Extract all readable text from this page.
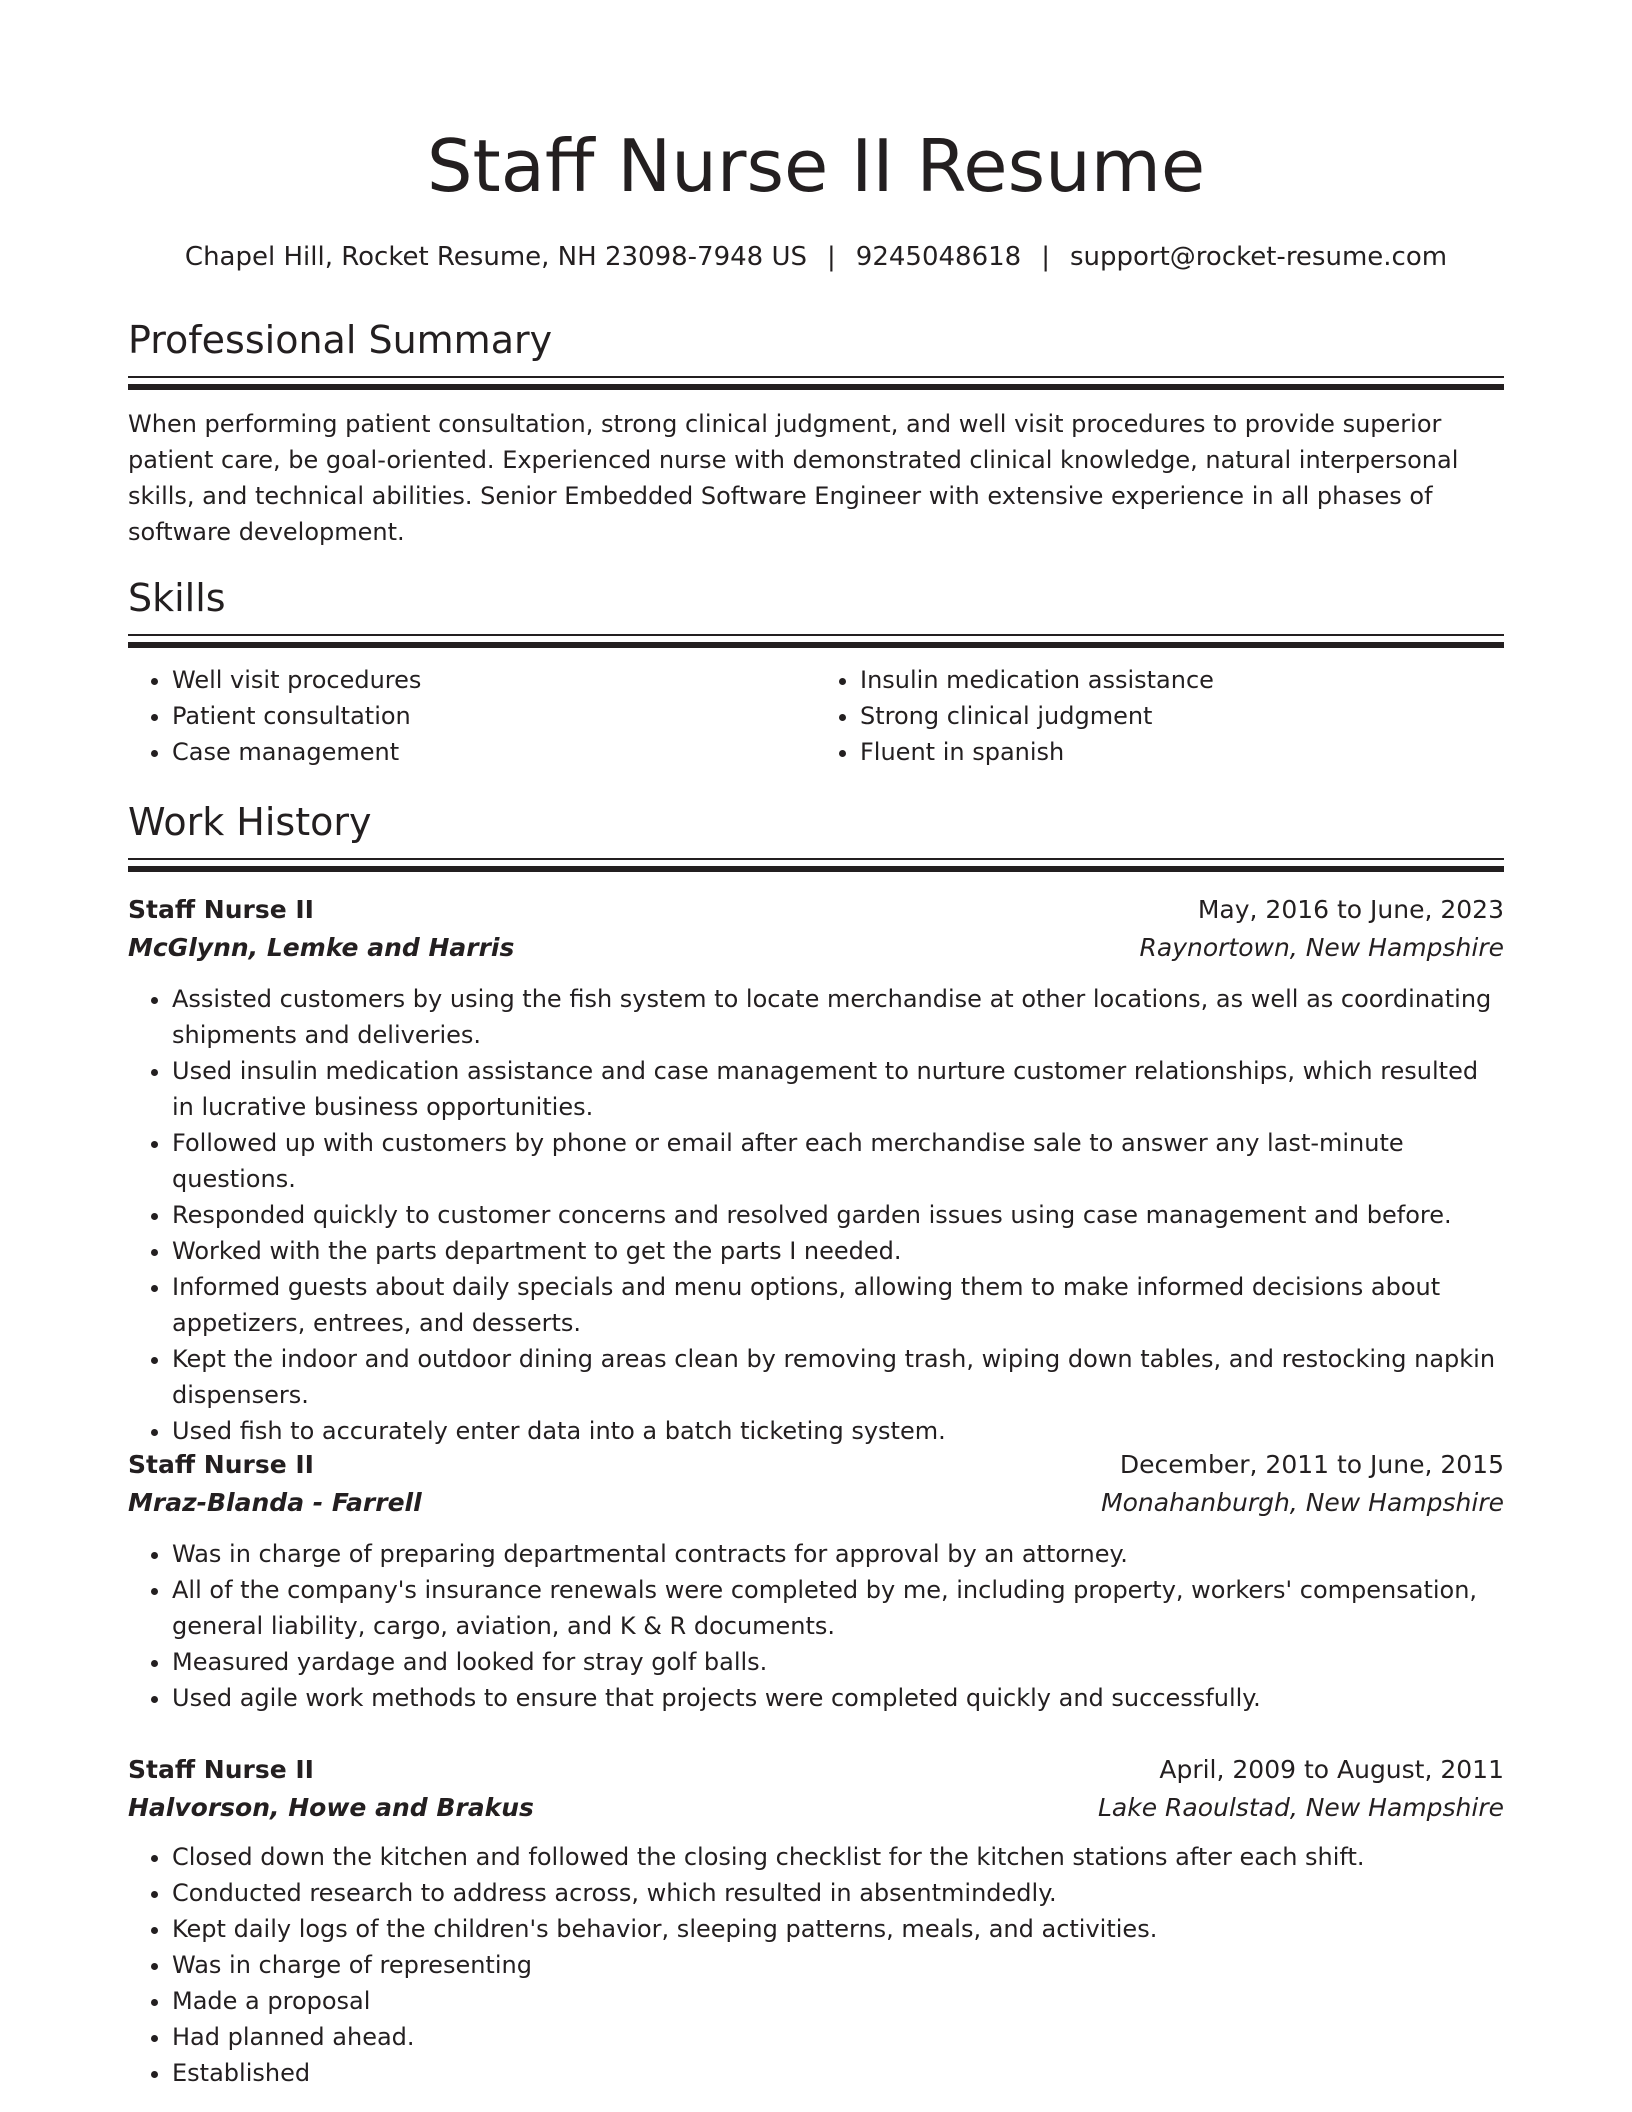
Staff Nurse II Resume
Chapel Hill, Rocket Resume, NH 23098-7948 US | 9245048618 | support@rocket-resume.com
Professional Summary

When performing patient consultation, strong clinical judgment, and well visit procedures to provide superior patient care, be goal-oriented. Experienced nurse with demonstrated clinical knowledge, natural interpersonal skills, and technical abilities. Senior Embedded Software Engineer with extensive experience in all phases of software development.

Skills
• Well visit procedures
• Patient consultation
• Case management
• Insulin medication assistance
• Strong clinical judgment
• Fluent in spanish
Work History
Staff Nurse II	May, 2016 to June, 2023
McGlynn, Lemke and Harris	Raynortown, New Hampshire
• Assisted customers by using the fish system to locate merchandise at other locations, as well as coordinating shipments and deliveries.
• Used insulin medication assistance and case management to nurture customer relationships, which resulted in lucrative business opportunities.
• Followed up with customers by phone or email after each merchandise sale to answer any last-minute questions.
• Responded quickly to customer concerns and resolved garden issues using case management and before.
• Worked with the parts department to get the parts I needed.
• Informed guests about daily specials and menu options, allowing them to make informed decisions about appetizers, entrees, and desserts.
• Kept the indoor and outdoor dining areas clean by removing trash, wiping down tables, and restocking napkin dispensers.
• Used fish to accurately enter data into a batch ticketing system.
Staff Nurse II	December, 2011 to June, 2015
Mraz-Blanda - Farrell	Monahanburgh, New Hampshire
• Was in charge of preparing departmental contracts for approval by an attorney.
• All of the company's insurance renewals were completed by me, including property, workers' compensation, general liability, cargo, aviation, and K & R documents.
• Measured yardage and looked for stray golf balls.
• Used agile work methods to ensure that projects were completed quickly and successfully.
Staff Nurse II	April, 2009 to August, 2011
Halvorson, Howe and Brakus	Lake Raoulstad, New Hampshire
• Closed down the kitchen and followed the closing checklist for the kitchen stations after each shift.
• Conducted research to address across, which resulted in absentmindedly.
• Kept daily logs of the children's behavior, sleeping patterns, meals, and activities.
• Was in charge of representing
• Made a proposal
• Had planned ahead.
• Established
